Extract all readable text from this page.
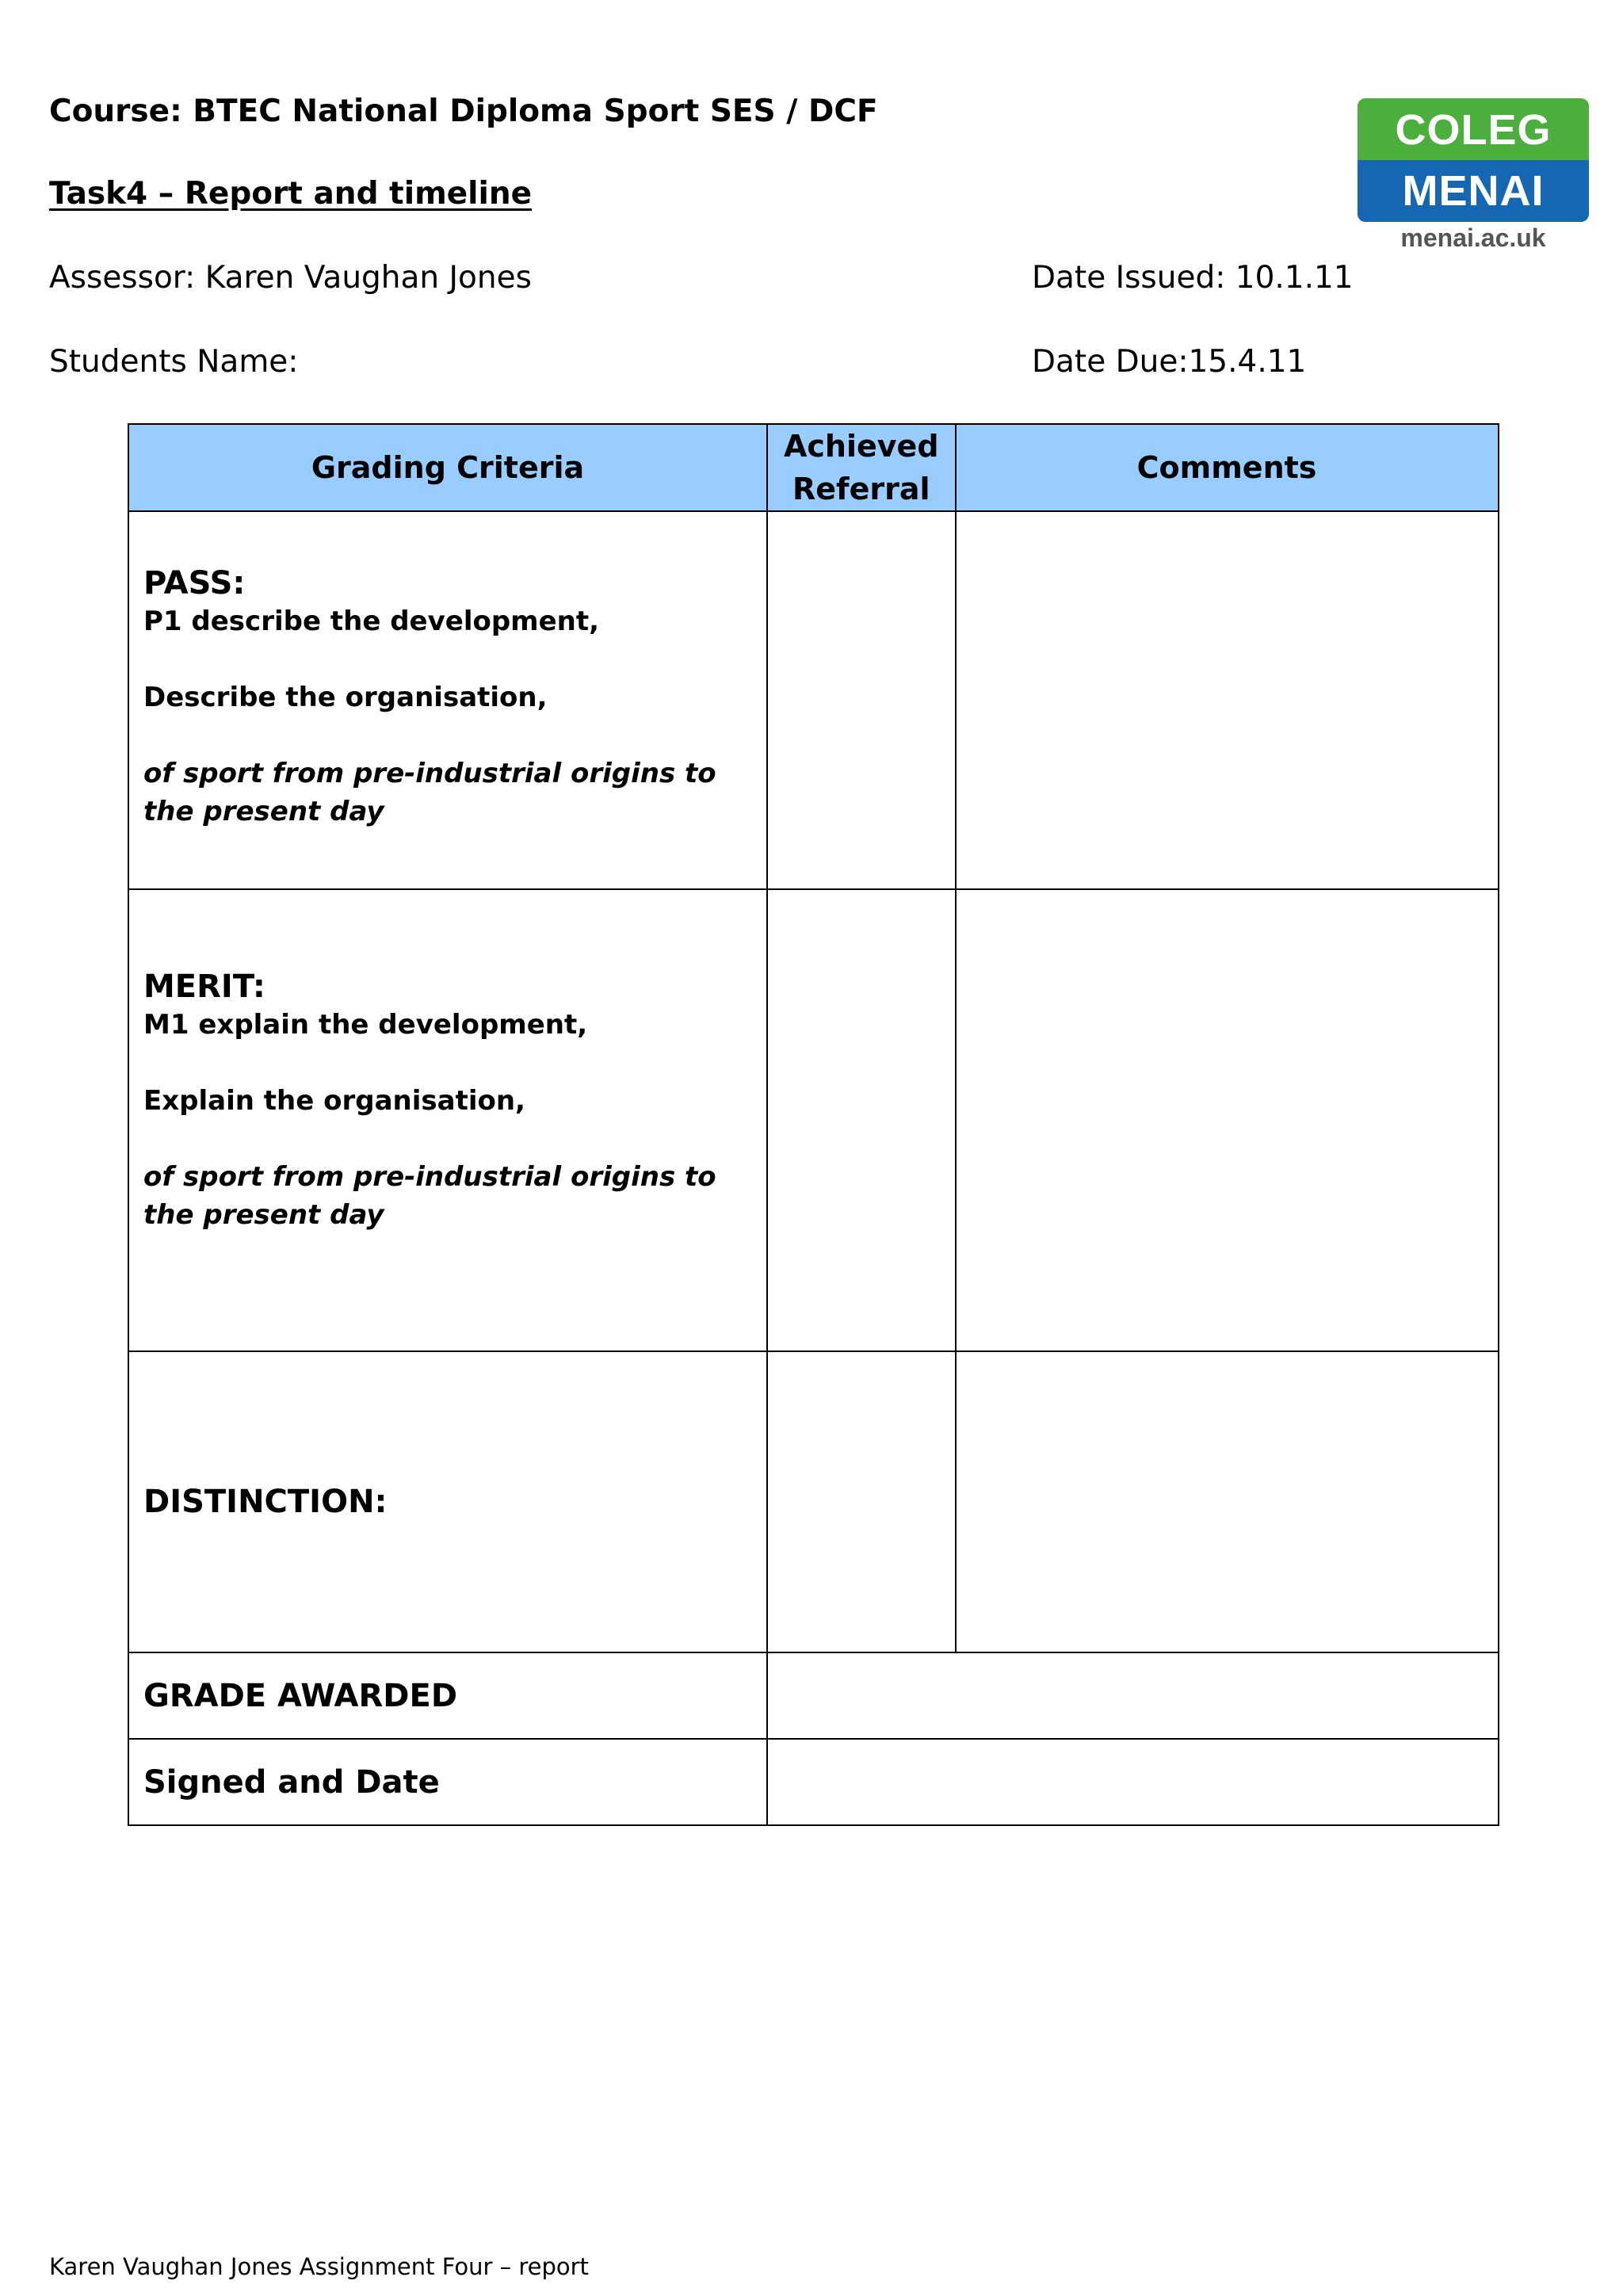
Course: BTEC National Diploma Sport SES / DCF
Task4 – Report and timeline
Assessor: Karen Vaughan Jones	Date Issued: 10.1.11
Students Name:	Date Due:15.4.11
COLEG
MENAI
menai.ac.uk
Grading Criteria	Achieved Referral	Comments

PASS:
P1 describe the development,
Describe the organisation,
of sport from pre-industrial origins to the present day		

MERIT:
M1 explain the development,
Explain the organisation,
of sport from pre-industrial origins to the present day		

DISTINCTION:		
GRADE AWARDED		
Signed and Date		
Karen Vaughan Jones Assignment Four – report
